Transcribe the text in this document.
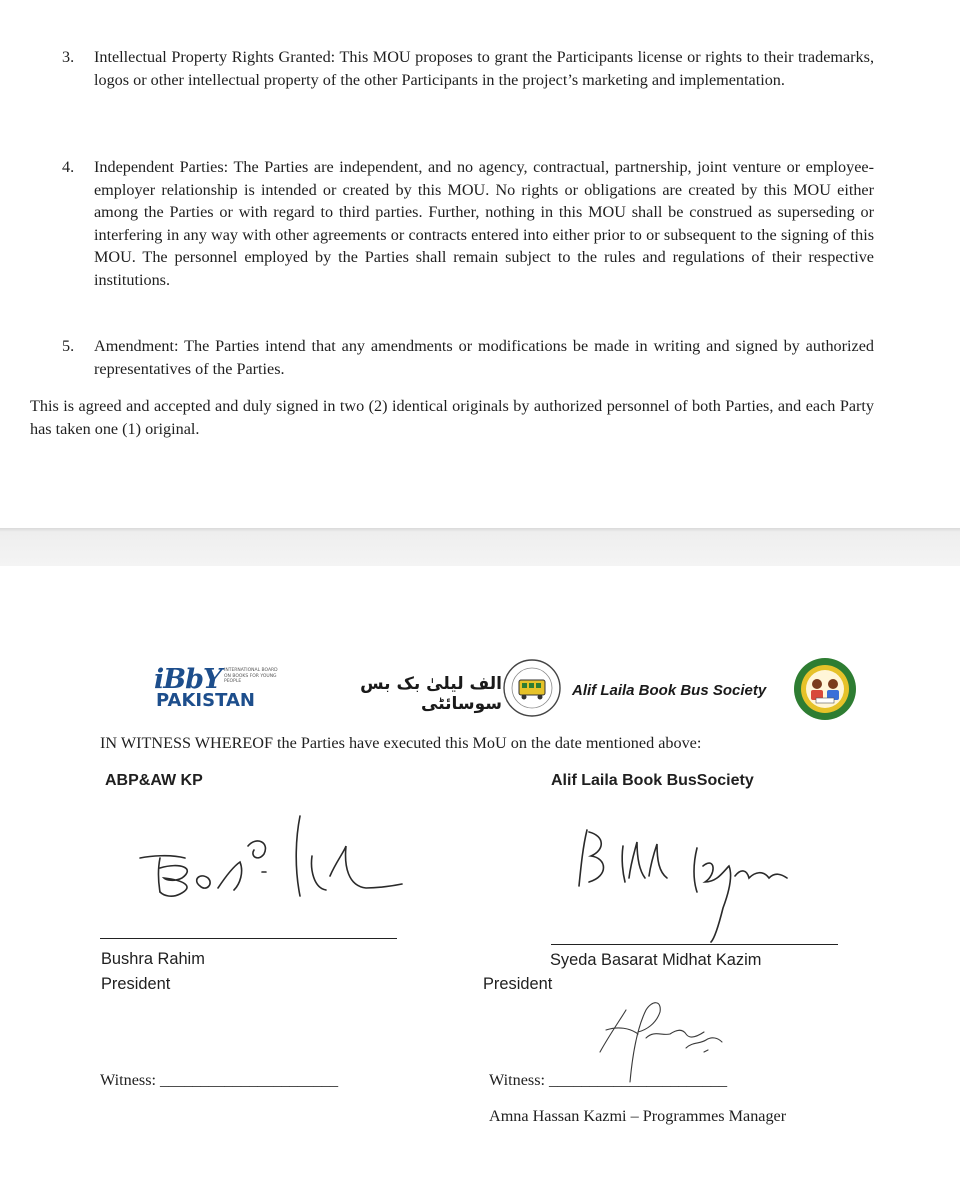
3. Intellectual Property Rights Granted: This MOU proposes to grant the Participants license or rights to their trademarks, logos or other intellectual property of the other Participants in the project’s marketing and implementation.
4. Independent Parties: The Parties are independent, and no agency, contractual, partnership, joint venture or employee-employer relationship is intended or created by this MOU. No rights or obligations are created by this MOU either among the Parties or with regard to third parties. Further, nothing in this MOU shall be construed as superseding or interfering in any way with other agreements or contracts entered into either prior to or subsequent to the signing of this MOU. The personnel employed by the Parties shall remain subject to the rules and regulations of their respective institutions.
5. Amendment: The Parties intend that any amendments or modifications be made in writing and signed by authorized representatives of the Parties.
This is agreed and accepted and duly signed in two (2) identical originals by authorized personnel of both Parties, and each Party has taken one (1) original.
iBbY INTERNATIONAL BOARD ON BOOKS FOR YOUNG PEOPLE
PAKISTAN
الف لیلیٰ بک بس سوسائٹی
Alif Laila Book Bus Society
IN WITNESS WHEREOF the Parties have executed this MoU on the date mentioned above:
ABP&AW KP	Alif Laila Book BusSociety
Bushra Rahim
President
Syeda Basarat Midhat Kazim
President
Witness: ______________________	Witness: ______________________
Amna Hassan Kazmi – Programmes Manager
